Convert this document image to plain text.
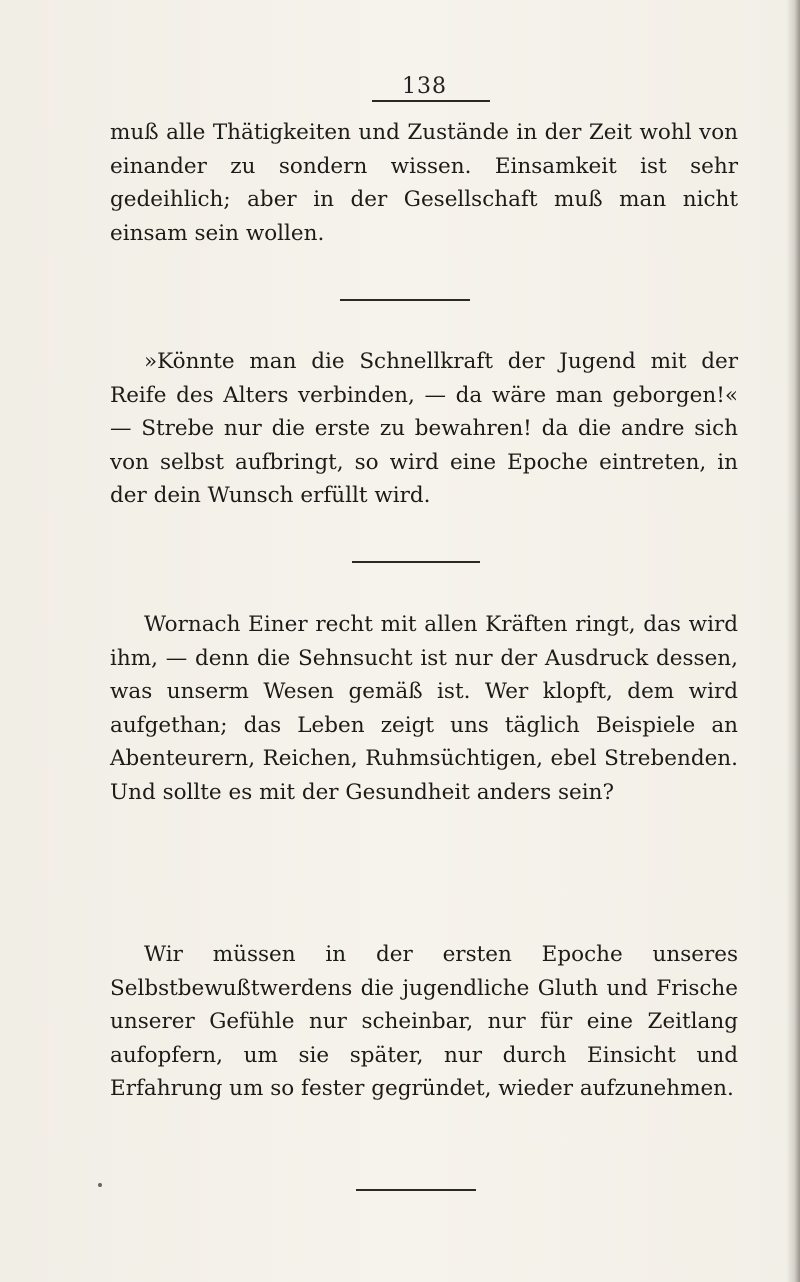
138

muß alle Thätigkeiten und Zustände in der Zeit wohl von einander zu sondern wissen. Einsamkeit ist sehr gedeihlich; aber in der Gesellschaft muß man nicht einsam sein wollen.

»Könnte man die Schnellkraft der Jugend mit der Reife des Alters verbinden, — da wäre man geborgen!« — Strebe nur die erste zu bewahren! da die andre sich von selbst aufbringt, so wird eine Epoche eintreten, in der dein Wunsch erfüllt wird.

Wornach Einer recht mit allen Kräften ringt, das wird ihm, — denn die Sehnsucht ist nur der Ausdruck dessen, was unserm Wesen gemäß ist. Wer klopft, dem wird aufgethan; das Leben zeigt uns täglich Beispiele an Abenteurern, Reichen, Ruhmsüchtigen, ebel Strebenden. Und sollte es mit der Gesundheit anders sein?

Wir müssen in der ersten Epoche unseres Selbstbewußtwerdens die jugendliche Gluth und Frische unserer Gefühle nur scheinbar, nur für eine Zeitlang aufopfern, um sie später, nur durch Einsicht und Erfahrung um so fester gegründet, wieder aufzunehmen.
